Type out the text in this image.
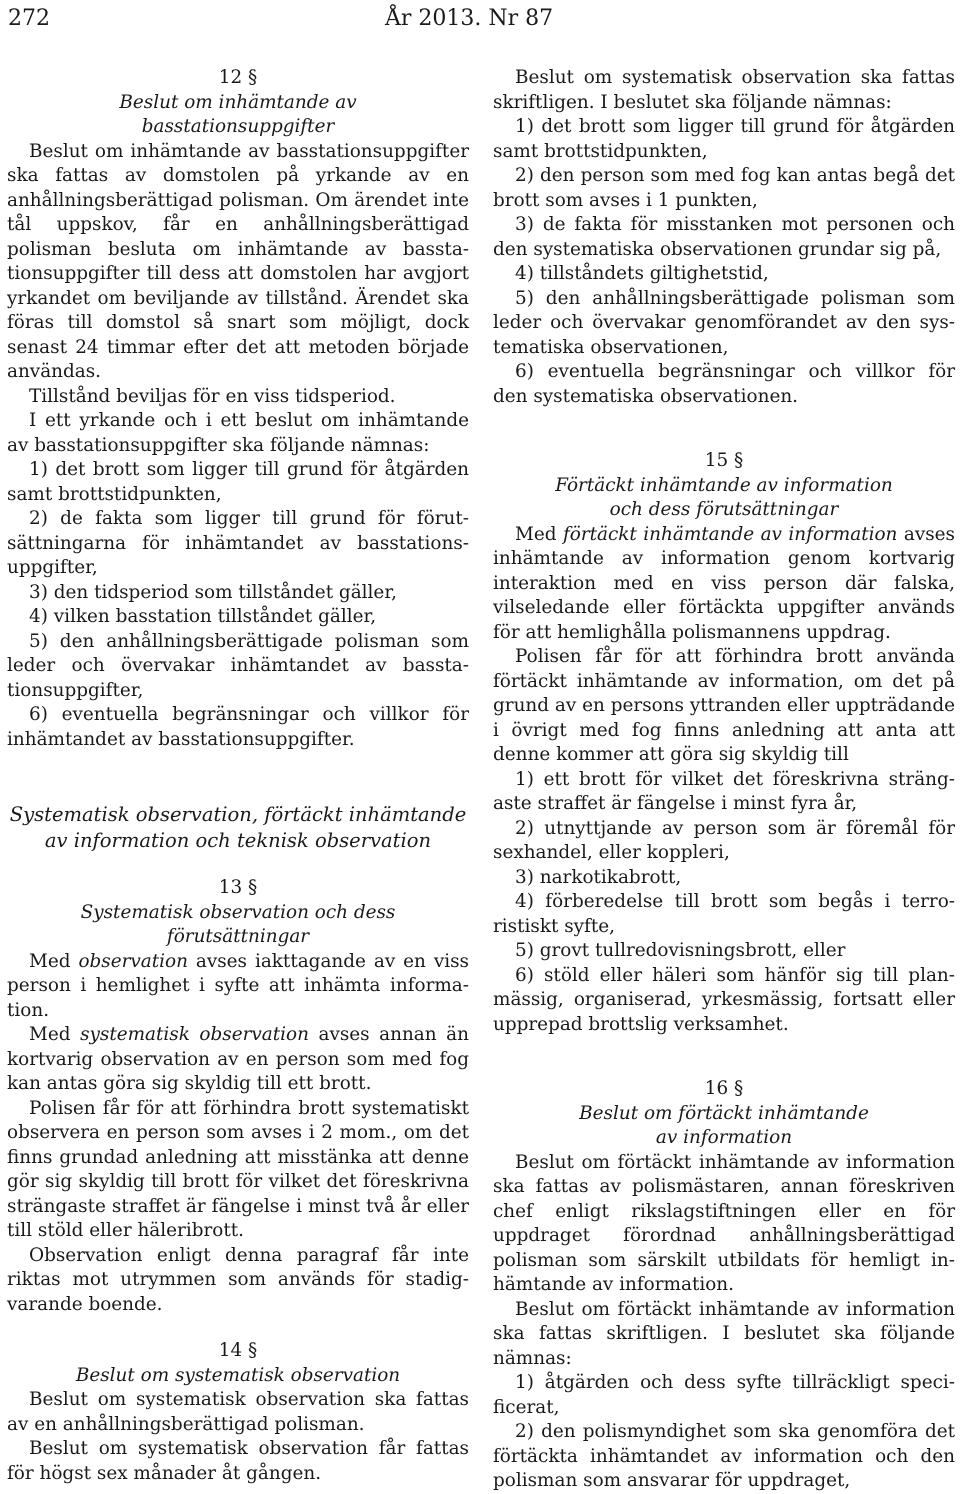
272	År 2013. Nr 87

12 §

Beslut om inhämtande av

basstationsuppgifter

Beslut om inhämtande av basstationsuppgifter ska fattas av domstolen på yrkande av en anhållningsberättigad polisman. Om ärendet inte tål uppskov, får en anhållningsberättigad polisman besluta om inhämtande av basstationsuppgifter till dess att domstolen har avgjort yrkandet om beviljande av tillstånd. Ärendet ska föras till domstol så snart som möjligt, dock senast 24 timmar efter det att metoden började användas.

Tillstånd beviljas för en viss tidsperiod.

I ett yrkande och i ett beslut om inhämtande av basstationsuppgifter ska följande nämnas:

1) det brott som ligger till grund för åtgärden samt brottstidpunkten,

2) de fakta som ligger till grund för förutsättningarna för inhämtandet av basstationsuppgifter,

3) den tidsperiod som tillståndet gäller,

4) vilken basstation tillståndet gäller,

5) den anhållningsberättigade polisman som leder och övervakar inhämtandet av basstationsuppgifter,

6) eventuella begränsningar och villkor för inhämtandet av basstationsuppgifter.

Systematisk observation, förtäckt inhämtande

av information och teknisk observation

13 §

Systematisk observation och dess

förutsättningar

Med observation avses iakttagande av en viss person i hemlighet i syfte att inhämta information.

Med systematisk observation avses annan än kortvarig observation av en person som med fog kan antas göra sig skyldig till ett brott.

Polisen får för att förhindra brott systematiskt observera en person som avses i 2 mom., om det finns grundad anledning att misstänka att denne gör sig skyldig till brott för vilket det föreskrivna strängaste straffet är fängelse i minst två år eller till stöld eller häleribrott.

Observation enligt denna paragraf får inte riktas mot utrymmen som används för stadigvarande boende.

14 §

Beslut om systematisk observation

Beslut om systematisk observation ska fattas av en anhållningsberättigad polisman.

Beslut om systematisk observation får fattas för högst sex månader åt gången.

Beslut om systematisk observation ska fattas skriftligen. I beslutet ska följande nämnas:

1) det brott som ligger till grund för åtgärden samt brottstidpunkten,

2) den person som med fog kan antas begå det brott som avses i 1 punkten,

3) de fakta för misstanken mot personen och den systematiska observationen grundar sig på,

4) tillståndets giltighetstid,

5) den anhållningsberättigade polisman som leder och övervakar genomförandet av den systematiska observationen,

6) eventuella begränsningar och villkor för den systematiska observationen.

15 §

Förtäckt inhämtande av information

och dess förutsättningar

Med förtäckt inhämtande av information avses inhämtande av information genom kortvarig interaktion med en viss person där falska, vilseledande eller förtäckta uppgifter används för att hemlighålla polismannens uppdrag.

Polisen får för att förhindra brott använda förtäckt inhämtande av information, om det på grund av en persons yttranden eller uppträdande i övrigt med fog finns anledning att anta att denne kommer att göra sig skyldig till

1) ett brott för vilket det föreskrivna strängaste straffet är fängelse i minst fyra år,

2) utnyttjande av person som är föremål för sexhandel, eller koppleri,

3) narkotikabrott,

4) förberedelse till brott som begås i terroristiskt syfte,

5) grovt tullredovisningsbrott, eller

6) stöld eller häleri som hänför sig till planmässig, organiserad, yrkesmässig, fortsatt eller upprepad brottslig verksamhet.

16 §

Beslut om förtäckt inhämtande

av information

Beslut om förtäckt inhämtande av information ska fattas av polismästaren, annan föreskriven chef enligt rikslagstiftningen eller en för uppdraget förordnad anhållningsberättigad polisman som särskilt utbildats för hemligt inhämtande av information.

Beslut om förtäckt inhämtande av information ska fattas skriftligen. I beslutet ska följande nämnas:

1) åtgärden och dess syfte tillräckligt specificerat,

2) den polismyndighet som ska genomföra det förtäckta inhämtandet av information och den polisman som ansvarar för uppdraget,
